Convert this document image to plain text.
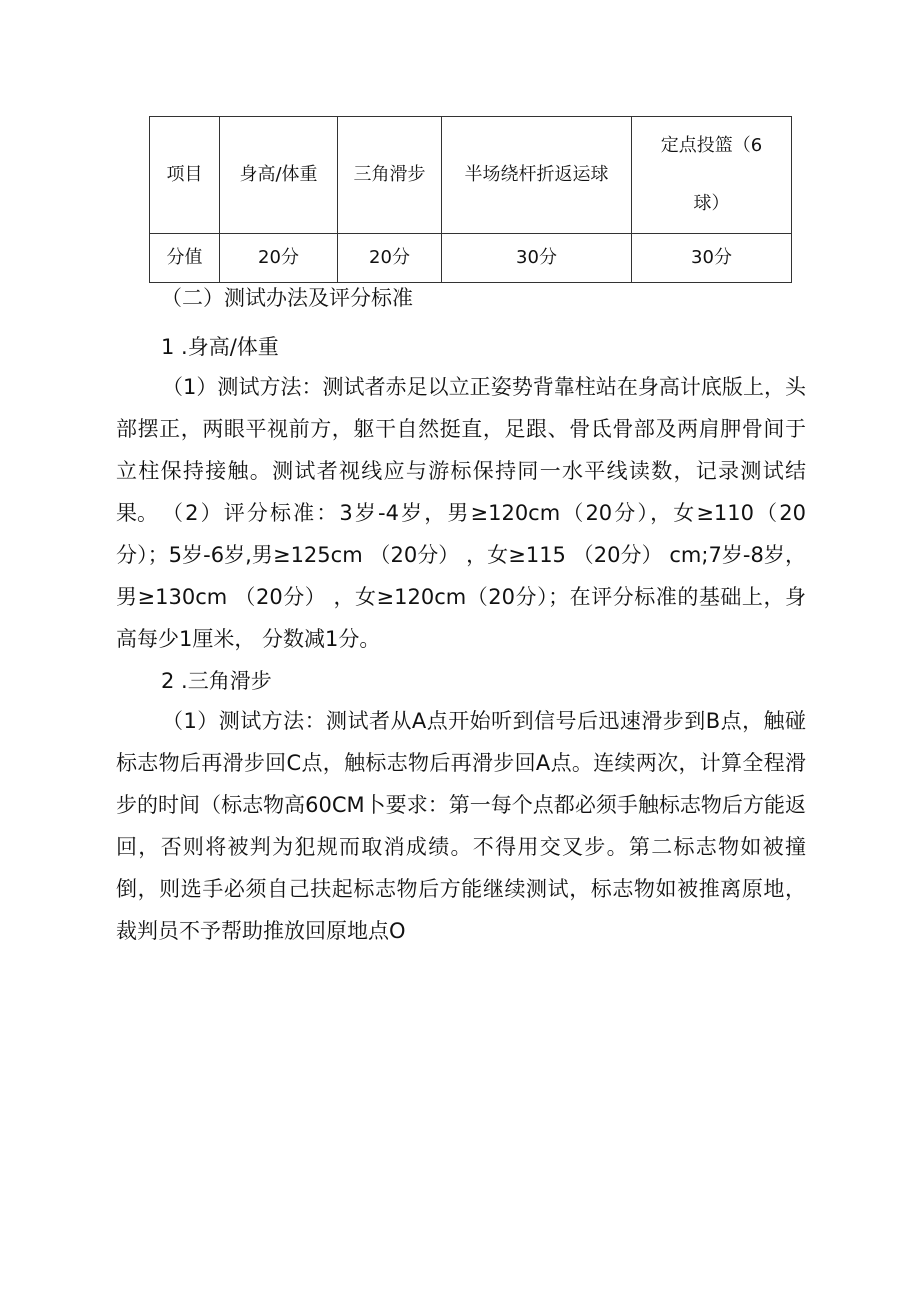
项目	身高/体重	三角滑步	半场绕杆折返运球	定点投篮（6
球）

分值	20分	20分	30分	30分

（二）测试办法及评分标准

1 .身高/体重

（1）测试方法：测试者赤足以立正姿势背靠柱站在身高计底版上，头部摆正，两眼平视前方，躯干自然挺直，足跟、骨氐骨部及两肩胛骨间于立柱保持接触。测试者视线应与游标保持同一水平线读数，记录测试结果。 （2）评分标准：3岁-4岁，男≥120cm（20分），女≥110（20分）；5岁-6岁,男≥125cm （20分） ，女≥115 （20分） cm;7岁-8岁，男≥130cm （20分） ，女≥120cm（20分）；在评分标准的基础上，身高每少1厘米， 分数减1分。

2 .三角滑步

（1）测试方法：测试者从A点开始听到信号后迅速滑步到B点，触碰标志物后再滑步回C点，触标志物后再滑步回A点。连续两次，计算全程滑步的时间（标志物高60CM卜要求：第一每个点都必须手触标志物后方能返回，否则将被判为犯规而取消成绩。不得用交叉步。第二标志物如被撞倒，则选手必须自己扶起标志物后方能继续测试，标志物如被推离原地，裁判员不予帮助推放回原地点O
